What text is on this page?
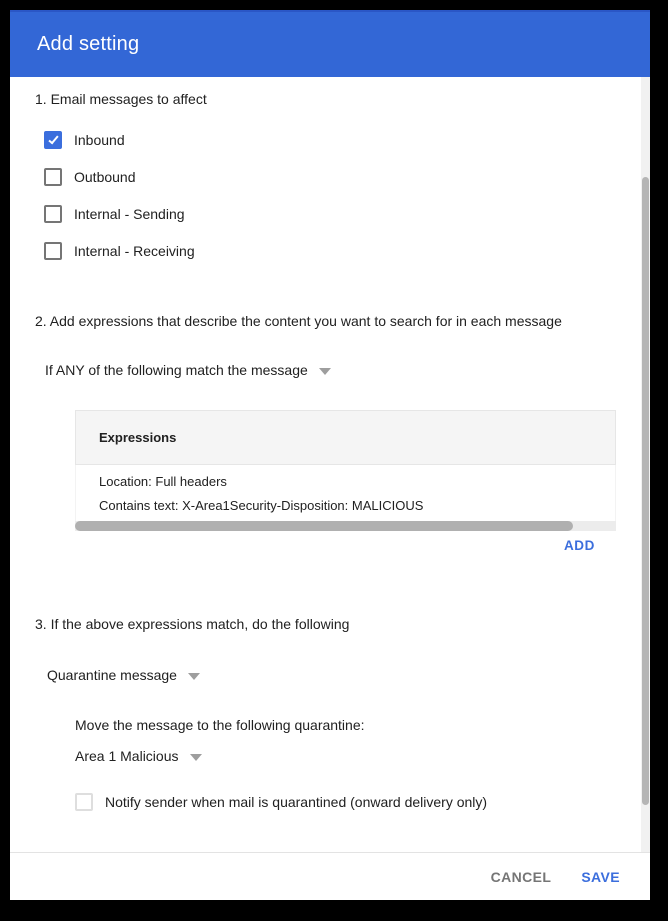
Add setting
1. Email messages to affect
Inbound
Outbound
Internal - Sending
Internal - Receiving
2. Add expressions that describe the content you want to search for in each message
If ANY of the following match the message
Expressions
Location: Full headers
Contains text: X-Area1Security-Disposition: MALICIOUS
ADD
3. If the above expressions match, do the following
Quarantine message
Move the message to the following quarantine:
Area 1 Malicious
Notify sender when mail is quarantined (onward delivery only)
CANCEL SAVE
